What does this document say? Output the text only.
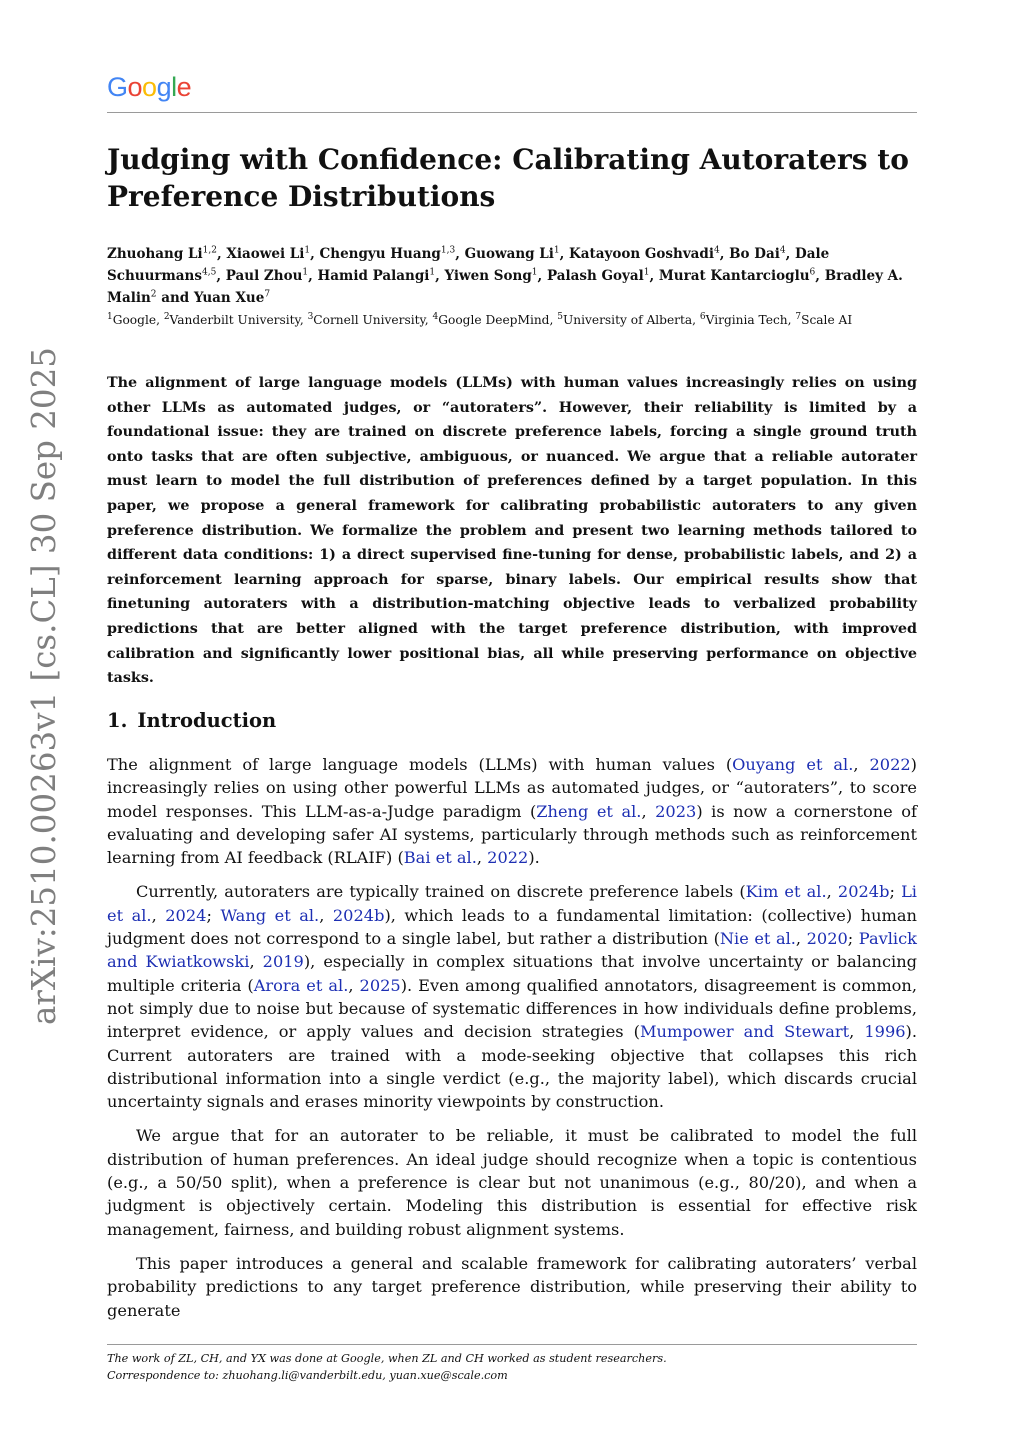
Google
arXiv:2510.00263v1 [cs.CL] 30 Sep 2025
Judging with Confidence: Calibrating Autoraters to Preference Distributions

Zhuohang Li$^{1,2}$, Xiaowei Li$^1$, Chengyu Huang$^{1,3}$, Guowang Li$^1$, Katayoon Goshvadi$^4$, Bo Dai$^4$, Dale Schuurmans$^{4,5}$, Paul Zhou$^1$, Hamid Palangi$^1$, Yiwen Song$^1$, Palash Goyal$^1$, Murat Kantarcioglu$^6$, Bradley A. Malin$^2$ and Yuan Xue$^7$

$^1$Google, $^2$Vanderbilt University, $^3$Cornell University, $^4$Google DeepMind, $^5$University of Alberta, $^6$Virginia Tech, $^7$Scale AI

The alignment of large language models (LLMs) with human values increasingly relies on using other LLMs as automated judges, or “autoraters”. However, their reliability is limited by a foundational issue: they are trained on discrete preference labels, forcing a single ground truth onto tasks that are often subjective, ambiguous, or nuanced. We argue that a reliable autorater must learn to model the full distribution of preferences defined by a target population. In this paper, we propose a general framework for calibrating probabilistic autoraters to any given preference distribution. We formalize the problem and present two learning methods tailored to different data conditions: 1) a direct supervised fine-tuning for dense, probabilistic labels, and 2) a reinforcement learning approach for sparse, binary labels. Our empirical results show that finetuning autoraters with a distribution-matching objective leads to verbalized probability predictions that are better aligned with the target preference distribution, with improved calibration and significantly lower positional bias, all while preserving performance on objective tasks.

1. Introduction

The alignment of large language models (LLMs) with human values (Ouyang et al., 2022) increasingly relies on using other powerful LLMs as automated judges, or “autoraters”, to score model responses. This LLM-as-a-Judge paradigm (Zheng et al., 2023) is now a cornerstone of evaluating and developing safer AI systems, particularly through methods such as reinforcement learning from AI feedback (RLAIF) (Bai et al., 2022).

Currently, autoraters are typically trained on discrete preference labels (Kim et al., 2024b; Li et al., 2024; Wang et al., 2024b), which leads to a fundamental limitation: (collective) human judgment does not correspond to a single label, but rather a distribution (Nie et al., 2020; Pavlick and Kwiatkowski, 2019), especially in complex situations that involve uncertainty or balancing multiple criteria (Arora et al., 2025). Even among qualified annotators, disagreement is common, not simply due to noise but because of systematic differences in how individuals define problems, interpret evidence, or apply values and decision strategies (Mumpower and Stewart, 1996). Current autoraters are trained with a mode-seeking objective that collapses this rich distributional information into a single verdict (e.g., the majority label), which discards crucial uncertainty signals and erases minority viewpoints by construction.

We argue that for an autorater to be reliable, it must be calibrated to model the full distribution of human preferences. An ideal judge should recognize when a topic is contentious (e.g., a 50/50 split), when a preference is clear but not unanimous (e.g., 80/20), and when a judgment is objectively certain. Modeling this distribution is essential for effective risk management, fairness, and building robust alignment systems.

This paper introduces a general and scalable framework for calibrating autoraters’ verbal probability predictions to any target preference distribution, while preserving their ability to generate

The work of ZL, CH, and YX was done at Google, when ZL and CH worked as student researchers.

Correspondence to: zhuohang.li@vanderbilt.edu, yuan.xue@scale.com
